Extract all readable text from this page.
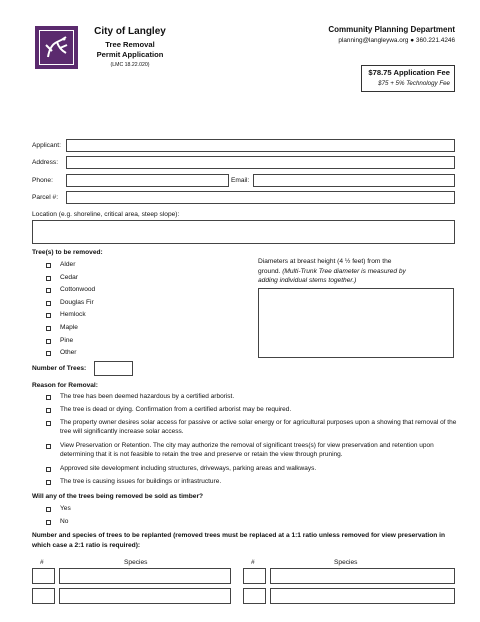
City of Langley
Tree Removal
Permit Application
(LMC 18.22.020)
Community Planning Department
planning@langleywa.org ● 360.221.4246
$78.75 Application Fee
$75 + 5% Technology Fee
Applicant:
Address:
Phone:	Email:
Parcel #:
Location (e.g. shoreline, critical area, steep slope):
Tree(s) to be removed:
Alder
Cedar
Cottonwood
Douglas Fir
Hemlock
Maple
Pine
Other
Diameters at breast height (4 ½ feet) from the
ground. (Multi-Trunk Tree diameter is measured by
adding individual stems together.)
Number of Trees:
Reason for Removal:
The tree has been deemed hazardous by a certified arborist.
The tree is dead or dying. Confirmation from a certified arborist may be required.
The property owner desires solar access for passive or active solar energy or for agricultural purposes upon a showing that removal of the tree will significantly increase solar access.
View Preservation or Retention. The city may authorize the removal of significant trees(s) for view preservation and retention upon determining that it is not feasible to retain the tree and preserve or retain the view through pruning.
Approved site development including structures, driveways, parking areas and walkways.
The tree is causing issues for buildings or infrastructure.
Will any of the trees being removed be sold as timber?
Yes
No
Number and species of trees to be replanted (removed trees must be replaced at a 1:1 ratio unless removed for view preservation in which case a 2:1 ratio is required):
#	Species	#	Species
